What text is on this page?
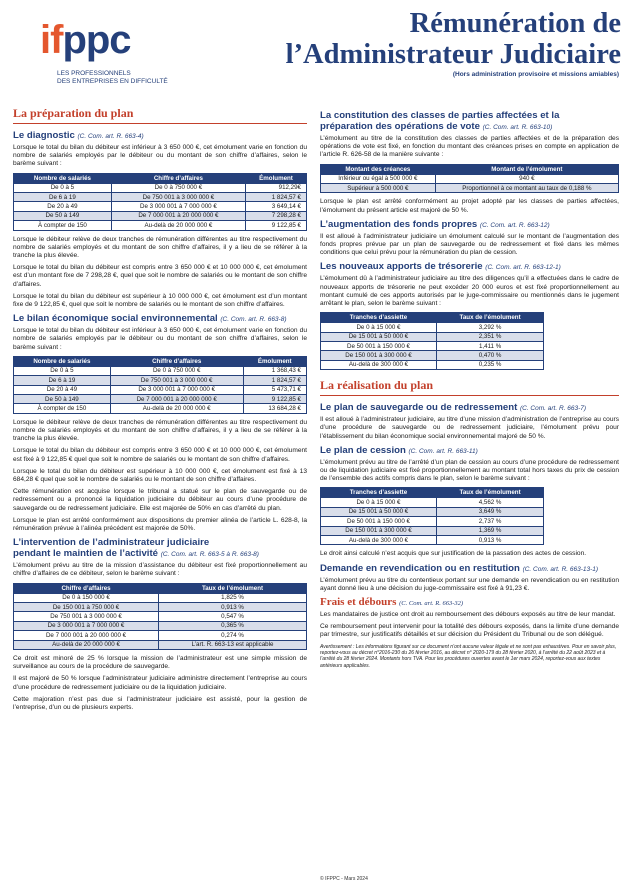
ifppc
LES PROFESSIONNELS
DES ENTREPRISES EN DIFFICULTÉ
Rémunération de
l’Administrateur Judiciaire
(Hors administration provisoire et missions amiables)
La préparation du plan
Le diagnostic (C. Com. art. R. 663-4)

Lorsque le total du bilan du débiteur est inférieur à 3 650 000 €, cet émolument varie en fonction du nombre de salariés employés par le débiteur ou du montant de son chiffre d’affaires, selon le barème suivant :

Nombre de salariés	Chiffre d’affaires	Émolument
De 0 à 5	De 0 à 750 000 €	912,29€
De 6 à 19	De 750 001 à 3 000 000 €	1 824,57 €
De 20 à 49	De 3 000 001 à 7 000 000 €	3 649,14 €
De 50 à 149	De 7 000 001 à 20 000 000 €	7 298,28 €
À compter de 150	Au-delà de 20 000 000 €	9 122,85 €

Lorsque le débiteur relève de deux tranches de rémunération différentes au titre respectivement du nombre de salariés employés et du montant de son chiffre d’affaires, il y a lieu de se référer à la tranche la plus élevée.

Lorsque le total du bilan du débiteur est compris entre 3 650 000 € et 10 000 000 €, cet émolument est d’un montant fixe de 7 298,28 €, quel que soit le nombre de salariés ou le montant de son chiffre d’affaires.

Lorsque le total du bilan du débiteur est supérieur à 10 000 000 €, cet émolument est d’un montant fixe de 9 122,85 €, quel que soit le nombre de salariés ou le montant de son chiffre d’affaires.

Le bilan économique social environnemental (C. Com. art. R. 663-8)

Lorsque le total du bilan du débiteur est inférieur à 3 650 000 €, cet émolument varie en fonction du nombre de salariés employés par le débiteur ou du montant de son chiffre d’affaires, selon le barème suivant :

Nombre de salariés	Chiffre d’affaires	Émolument
De 0 à 5	De 0 à 750 000 €	1 368,43 €
De 6 à 19	De 750 001 à 3 000 000 €	1 824,57 €
De 20 à 49	De 3 000 001 à 7 000 000 €	5 473,71 €
De 50 à 149	De 7 000 001 à 20 000 000 €	9 122,85 €
À compter de 150	Au-delà de 20 000 000 €	13 684,28 €

Lorsque le débiteur relève de deux tranches de rémunération différentes au titre respectivement du nombre de salariés employés et du montant de son chiffre d’affaires, il y a lieu de se référer à la tranche la plus élevée.

Lorsque le total du bilan du débiteur est compris entre 3 650 000 € et 10 000 000 €, cet émolument est fixé à 9 122,85 € quel que soit le nombre de salariés ou le montant de son chiffre d’affaires.

Lorsque le total du bilan du débiteur est supérieur à 10 000 000 €, cet émolument est fixé à 13 684,28 € quel que soit le nombre de salariés ou le montant de son chiffre d’affaires.

Cette rémunération est acquise lorsque le tribunal a statué sur le plan de sauvegarde ou de redressement ou a prononcé la liquidation judiciaire du débiteur au cours d’une procédure de sauvegarde ou de redressement judiciaire. Elle est majorée de 50% en cas d’arrêté du plan.

Lorsque le plan est arrêté conformément aux dispositions du premier alinéa de l’article L. 628-8, la rémunération prévue à l’alinéa précédent est majorée de 50%.

L’intervention de l’administrateur judiciaire
pendant le maintien de l’activité (C. Com. art. R. 663-5 à R. 663-8)

L’émolument prévu au titre de la mission d’assistance du débiteur est fixé proportionnellement au chiffre d’affaires de ce débiteur, selon le barème suivant :

Chiffre d’affaires	Taux de l’émolument
De 0 à 150 000 €	1,825 %
De 150 001 à 750 000 €	0,913 %
De 750 001 à 3 000 000 €	0,547 %
De 3 000 001 à 7 000 000 €	0,365 %
De 7 000 001 à 20 000 000 €	0,274 %
Au-delà de 20 000 000 €	L’art. R. 663-13 est applicable

Ce droit est minoré de 25 % lorsque la mission de l’administrateur est une simple mission de surveillance au cours de la procédure de sauvegarde.

Il est majoré de 50 % lorsque l’administrateur judiciaire administre directement l’entreprise au cours d’une procédure de redressement judiciaire ou de la liquidation judiciaire.

Cette majoration n’est pas due si l’administrateur judiciaire est assisté, pour la gestion de l’entreprise, d’un ou de plusieurs experts.

La constitution des classes de parties affectées et la
préparation des opérations de vote (C. Com. art. R. 663-10)

L’émolument au titre de la constitution des classes de parties affectées et de la préparation des opérations de vote est fixé, en fonction du montant des créances prises en compte en application de l’article R. 626-58 de la manière suivante :

Montant des créances	Montant de l’émolument
Inférieur ou égal à 500 000 €	940 €
Supérieur à 500 000 €	Proportionnel à ce montant au taux de 0,188 %

Lorsque le plan est arrêté conformément au projet adopté par les classes de parties affectées, l’émolument du présent article est majoré de 50 %.

L’augmentation des fonds propres (C. Com. art. R. 663-12)

Il est alloué à l’administrateur judiciaire un émolument calculé sur le montant de l’augmentation des fonds propres prévue par un plan de sauvegarde ou de redressement et fixé dans les mêmes conditions que celui prévu pour la rémunération du plan de cession.

Les nouveaux apports de trésorerie (C. Com. art. R. 663-12-1)

L’émolument dû à l’administrateur judiciaire au titre des diligences qu’il a effectuées dans le cadre de nouveaux apports de trésorerie ne peut excéder 20 000 euros et est fixé proportionnellement au montant cumulé de ces apports autorisés par le juge-commissaire ou mentionnés dans le jugement arrêtant le plan, selon le barème suivant :

Tranches d’assiette	Taux de l’émolument
De 0 à 15 000 €	3,292 %
De 15 001 à 50 000 €	2,351 %
De 50 001 à 150 000 €	1,411 %
De 150 001 à 300 000 €	0,470 %
Au-delà de 300 000 €	0,235 %
La réalisation du plan
Le plan de sauvegarde ou de redressement (C. Com. art. R. 663-7)

Il est alloué à l’administrateur judiciaire, au titre d’une mission d’administration de l’entreprise au cours d’une procédure de sauvegarde ou de redressement judiciaire, l’émolument prévu pour l’établissement du bilan économique social environnemental majoré de 50 %.

Le plan de cession (C. Com. art. R. 663-11)

L’émolument prévu au titre de l’arrêté d’un plan de cession au cours d’une procédure de redressement ou de liquidation judiciaire est fixé proportionnellement au montant total hors taxes du prix de cession de l’ensemble des actifs compris dans le plan, selon le barème suivant :

Tranches d’assiette	Taux de l’émolument
De 0 à 15 000 €	4,562 %
De 15 001 à 50 000 €	3,649 %
De 50 001 à 150 000 €	2,737 %
De 150 001 à 300 000 €	1,369 %
Au-delà de 300 000 €	0,913 %

Le droit ainsi calculé n’est acquis que sur justification de la passation des actes de cession.

Demande en revendication ou en restitution (C. Com. art. R. 663-13-1)

L’émolument prévu au titre du contentieux portant sur une demande en revendication ou en restitution ayant donné lieu à une décision du juge-commissaire est fixé à 91,23 €.

Frais et débours (C. Com. art. R. 663-32)

Les mandataires de justice ont droit au remboursement des débours exposés au titre de leur mandat.

Ce remboursement peut intervenir pour la totalité des débours exposés, dans la limite d’une demande par trimestre, sur justificatifs détaillés et sur décision du Président du Tribunal ou de son délégué.

Avertissement : Les informations figurant sur ce document n’ont aucune valeur légale et ne sont pas exhaustives. Pour en savoir plus, reportez-vous au décret n°2016-230 du 26 février 2016, au décret n° 2020-179 du 28 février 2020, à l’arrêté du 22 août 2023 et à l’arrêté du 28 février 2024. Montants hors TVA. Pour les procédures ouvertes avant le 1er mars 2024, reportez-vous aux textes antérieurs applicables.
© IFPPC - Mars 2024
